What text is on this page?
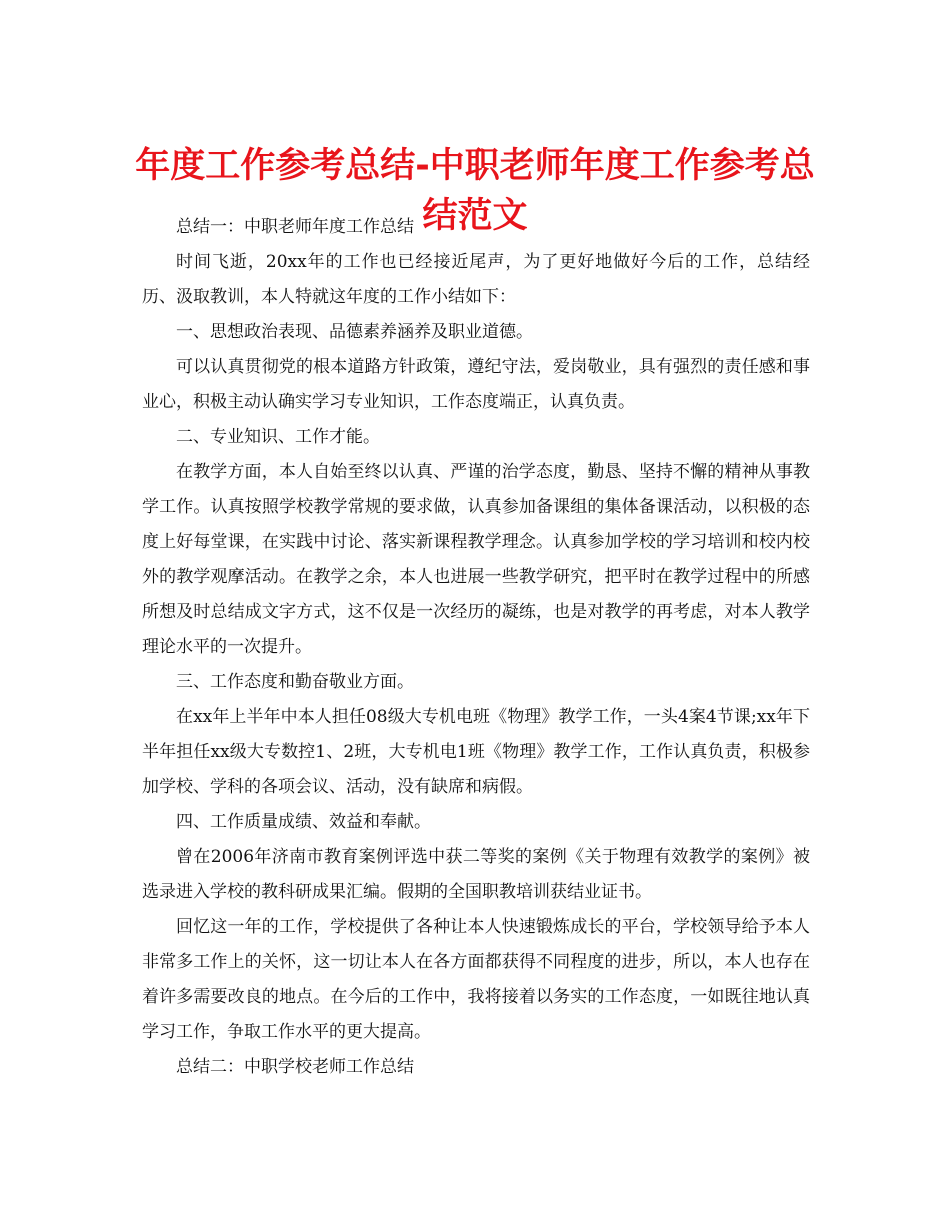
年度工作参考总结-中职老师年度工作参考总结范文

总结一：中职老师年度工作总结

时间飞逝，20xx年的工作也已经接近尾声，为了更好地做好今后的工作，总结经历、汲取教训，本人特就这年度的工作小结如下：

一、思想政治表现、品德素养涵养及职业道德。

可以认真贯彻党的根本道路方针政策，遵纪守法，爱岗敬业，具有强烈的责任感和事业心，积极主动认确实学习专业知识，工作态度端正，认真负责。

二、专业知识、工作才能。

在教学方面，本人自始至终以认真、严谨的治学态度，勤恳、坚持不懈的精神从事教学工作。认真按照学校教学常规的要求做，认真参加备课组的集体备课活动，以积极的态度上好每堂课，在实践中讨论、落实新课程教学理念。认真参加学校的学习培训和校内校外的教学观摩活动。在教学之余，本人也进展一些教学研究，把平时在教学过程中的所感所想及时总结成文字方式，这不仅是一次经历的凝练，也是对教学的再考虑，对本人教学理论水平的一次提升。

三、工作态度和勤奋敬业方面。

在xx年上半年中本人担任08级大专机电班《物理》教学工作，一头4案4节课;xx年下半年担任xx级大专数控1、2班，大专机电1班《物理》教学工作，工作认真负责，积极参加学校、学科的各项会议、活动，没有缺席和病假。

四、工作质量成绩、效益和奉献。

曾在2006年济南市教育案例评选中获二等奖的案例《关于物理有效教学的案例》被选录进入学校的教科研成果汇编。假期的全国职教培训获结业证书。

回忆这一年的工作，学校提供了各种让本人快速锻炼成长的平台，学校领导给予本人非常多工作上的关怀，这一切让本人在各方面都获得不同程度的进步，所以，本人也存在着许多需要改良的地点。在今后的工作中，我将接着以务实的工作态度，一如既往地认真学习工作，争取工作水平的更大提高。

总结二：中职学校老师工作总结
